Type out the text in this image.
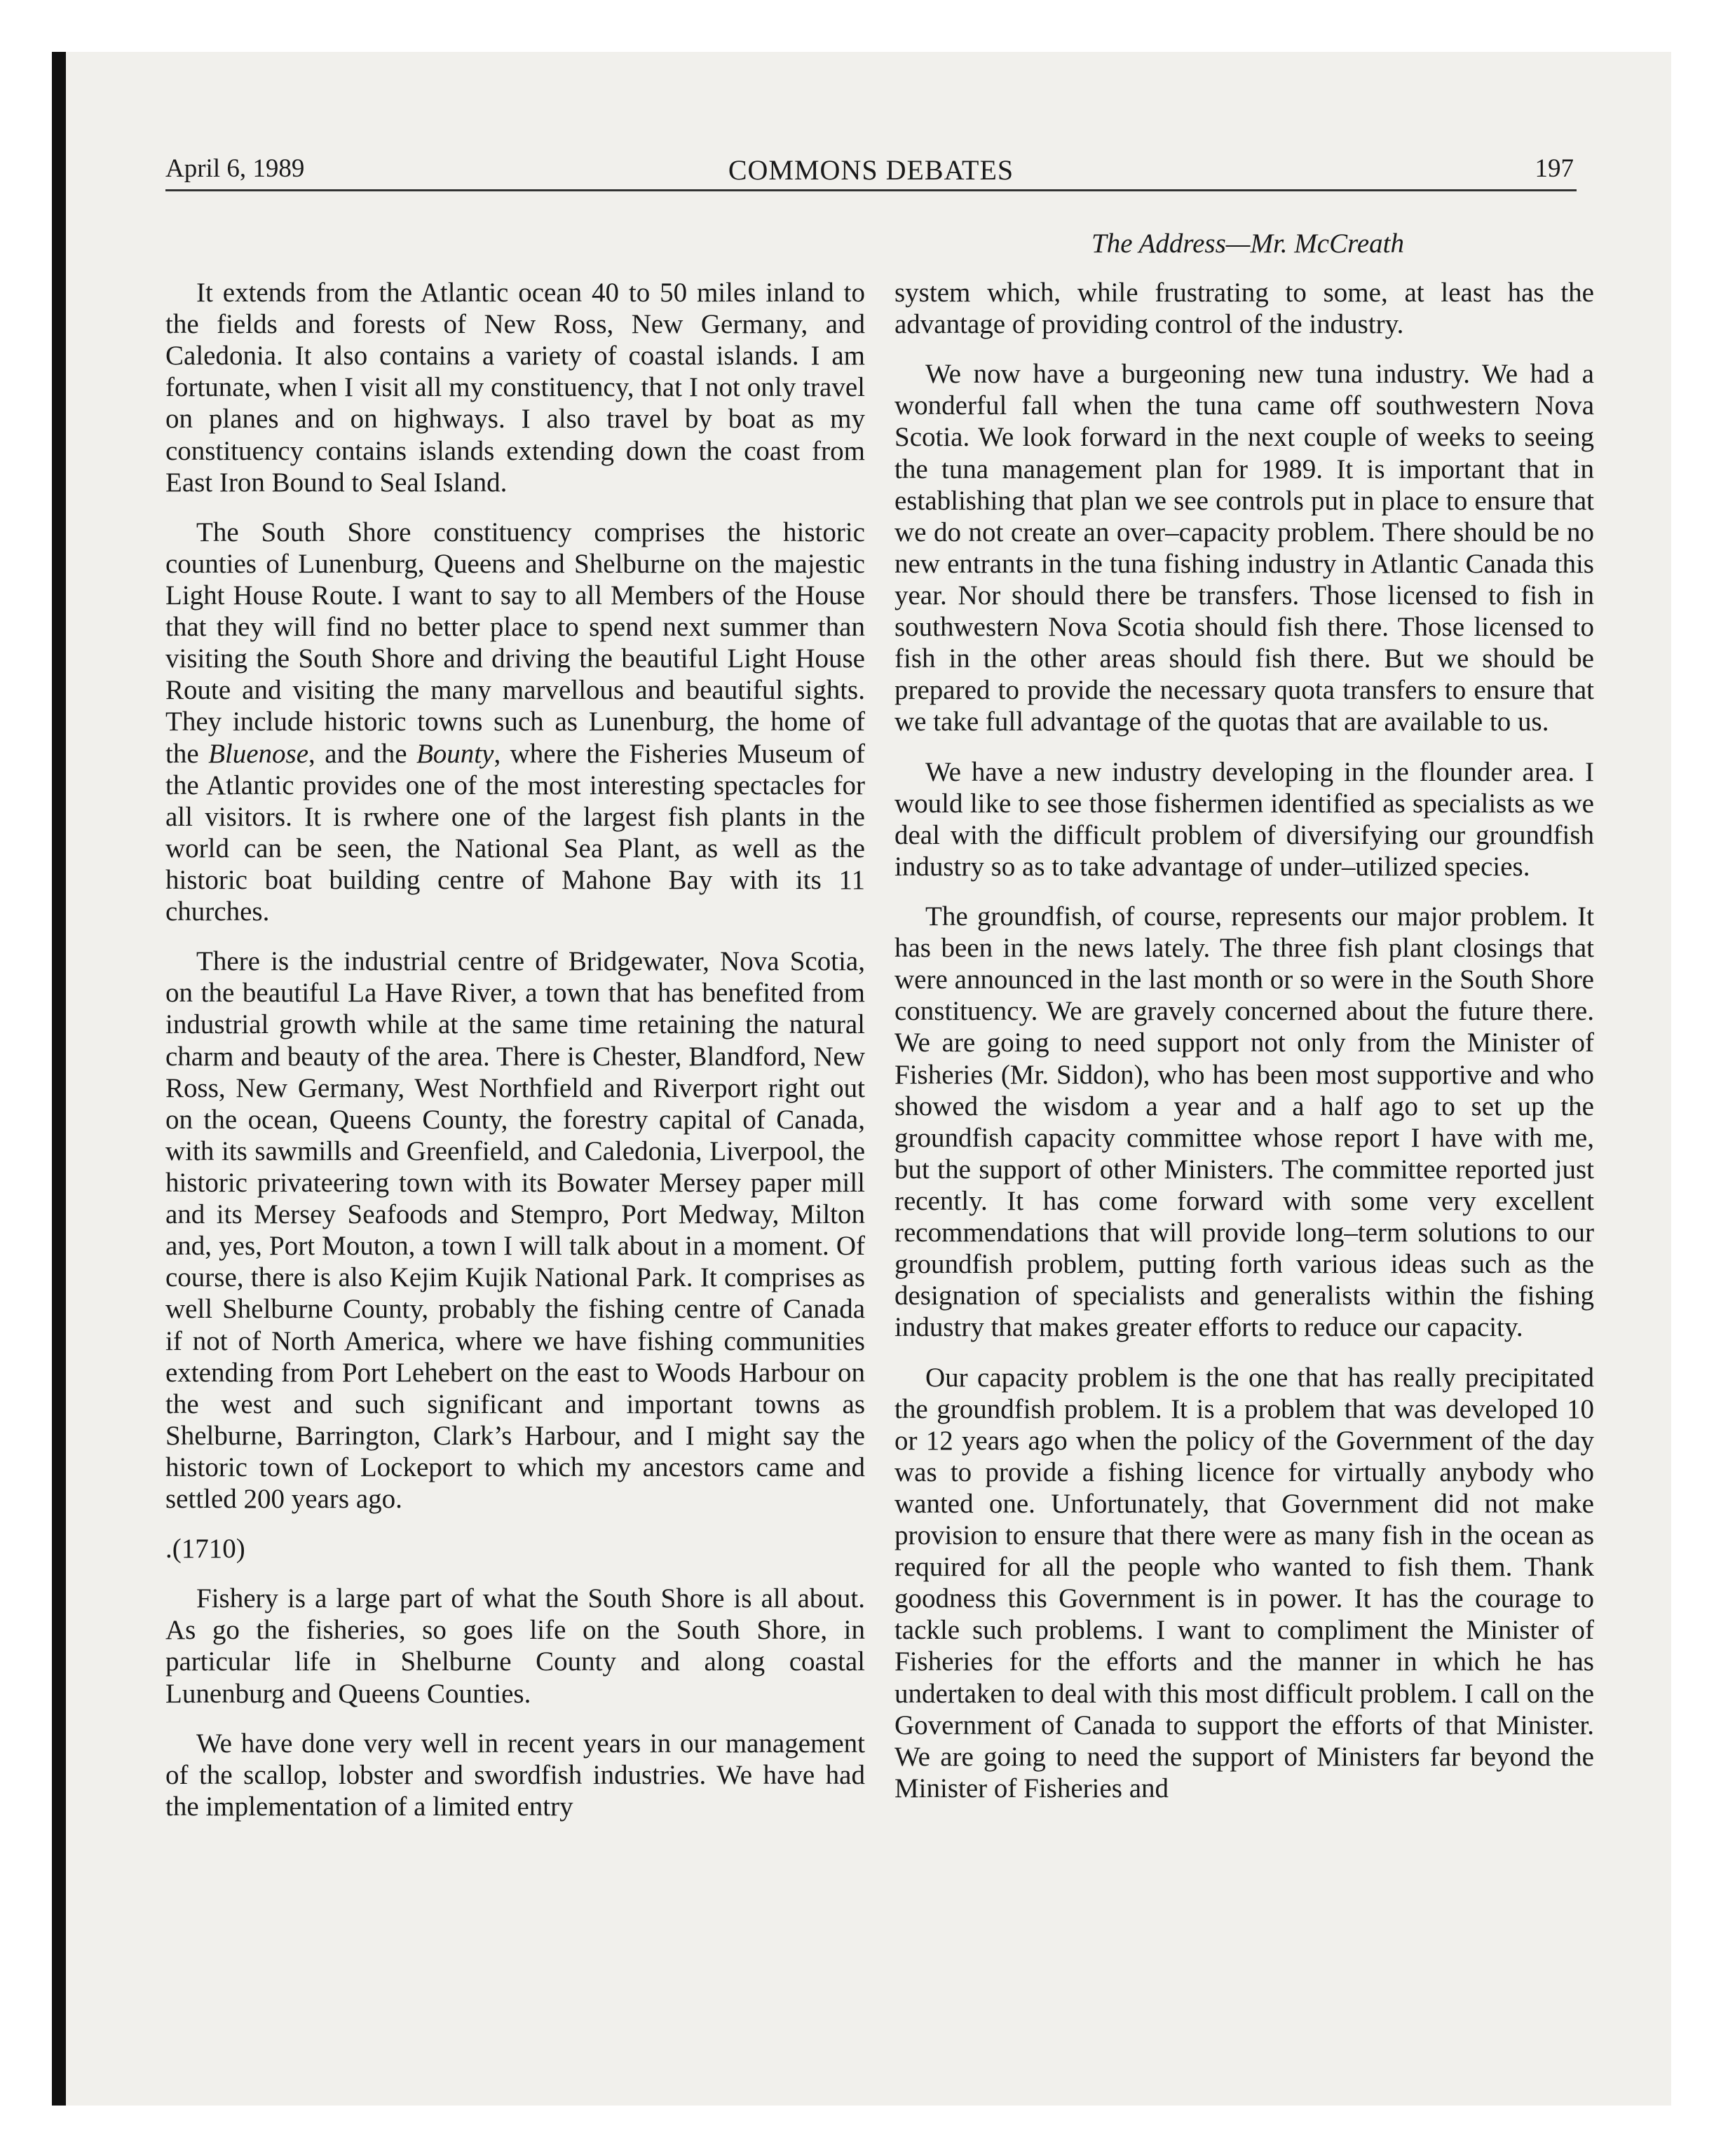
April 6, 1989	COMMONS DEBATES	197
The Address—Mr. McCreath

It extends from the Atlantic ocean 40 to 50 miles inland to the fields and forests of New Ross, New Germany, and Caledonia. It also contains a variety of coastal islands. I am fortunate, when I visit all my constituency, that I not only travel on planes and on highways. I also travel by boat as my constituency contains islands extending down the coast from East Iron Bound to Seal Island.

The South Shore constituency comprises the historic counties of Lunenburg, Queens and Shelburne on the majestic Light House Route. I want to say to all Members of the House that they will find no better place to spend next summer than visiting the South Shore and driving the beautiful Light House Route and visiting the many marvellous and beautiful sights. They include historic towns such as Lunenburg, the home of the Bluenose, and the Bounty, where the Fisheries Museum of the Atlantic provides one of the most interesting spectacles for all visitors. It is rwhere one of the largest fish plants in the world can be seen, the National Sea Plant, as well as the historic boat building centre of Mahone Bay with its 11 churches.

There is the industrial centre of Bridgewater, Nova Scotia, on the beautiful La Have River, a town that has benefited from industrial growth while at the same time retaining the natural charm and beauty of the area. There is Chester, Blandford, New Ross, New Germany, West Northfield and Riverport right out on the ocean, Queens County, the forestry capital of Canada, with its sawmills and Greenfield, and Caledonia, Liverpool, the historic privateering town with its Bowater Mersey paper mill and its Mersey Seafoods and Stempro, Port Medway, Milton and, yes, Port Mouton, a town I will talk about in a moment. Of course, there is also Kejim Kujik National Park. It comprises as well Shelburne County, probably the fishing centre of Canada if not of North America, where we have fishing communities extending from Port Lehebert on the east to Woods Harbour on the west and such significant and important towns as Shelburne, Barrington, Clark’s Harbour, and I might say the historic town of Lockeport to which my ancestors came and settled 200 years ago.

.(1710)

Fishery is a large part of what the South Shore is all about. As go the fisheries, so goes life on the South Shore, in particular life in Shelburne County and along coastal Lunenburg and Queens Counties.

We have done very well in recent years in our management of the scallop, lobster and swordfish industries. We have had the implementation of a limited entry

system which, while frustrating to some, at least has the advantage of providing control of the industry.

We now have a burgeoning new tuna industry. We had a wonderful fall when the tuna came off southwestern Nova Scotia. We look forward in the next couple of weeks to seeing the tuna management plan for 1989. It is important that in establishing that plan we see controls put in place to ensure that we do not create an over–capacity problem. There should be no new entrants in the tuna fishing industry in Atlantic Canada this year. Nor should there be transfers. Those licensed to fish in southwestern Nova Scotia should fish there. Those licensed to fish in the other areas should fish there. But we should be prepared to provide the necessary quota transfers to ensure that we take full advantage of the quotas that are available to us.

We have a new industry developing in the flounder area. I would like to see those fishermen identified as specialists as we deal with the difficult problem of diversifying our groundfish industry so as to take advantage of under–utilized species.

The groundfish, of course, represents our major problem. It has been in the news lately. The three fish plant closings that were announced in the last month or so were in the South Shore constituency. We are gravely concerned about the future there. We are going to need support not only from the Minister of Fisheries (Mr. Siddon), who has been most supportive and who showed the wisdom a year and a half ago to set up the groundfish capacity committee whose report I have with me, but the support of other Ministers. The committee reported just recently. It has come forward with some very excellent recommendations that will provide long–term solutions to our groundfish problem, putting forth various ideas such as the designation of specialists and generalists within the fishing industry that makes greater efforts to reduce our capacity.

Our capacity problem is the one that has really precipitated the groundfish problem. It is a problem that was developed 10 or 12 years ago when the policy of the Government of the day was to provide a fishing licence for virtually anybody who wanted one. Unfortunately, that Government did not make provision to ensure that there were as many fish in the ocean as required for all the people who wanted to fish them. Thank goodness this Government is in power. It has the courage to tackle such problems. I want to compliment the Minister of Fisheries for the efforts and the manner in which he has undertaken to deal with this most difficult problem. I call on the Government of Canada to support the efforts of that Minister. We are going to need the support of Ministers far beyond the Minister of Fisheries and
